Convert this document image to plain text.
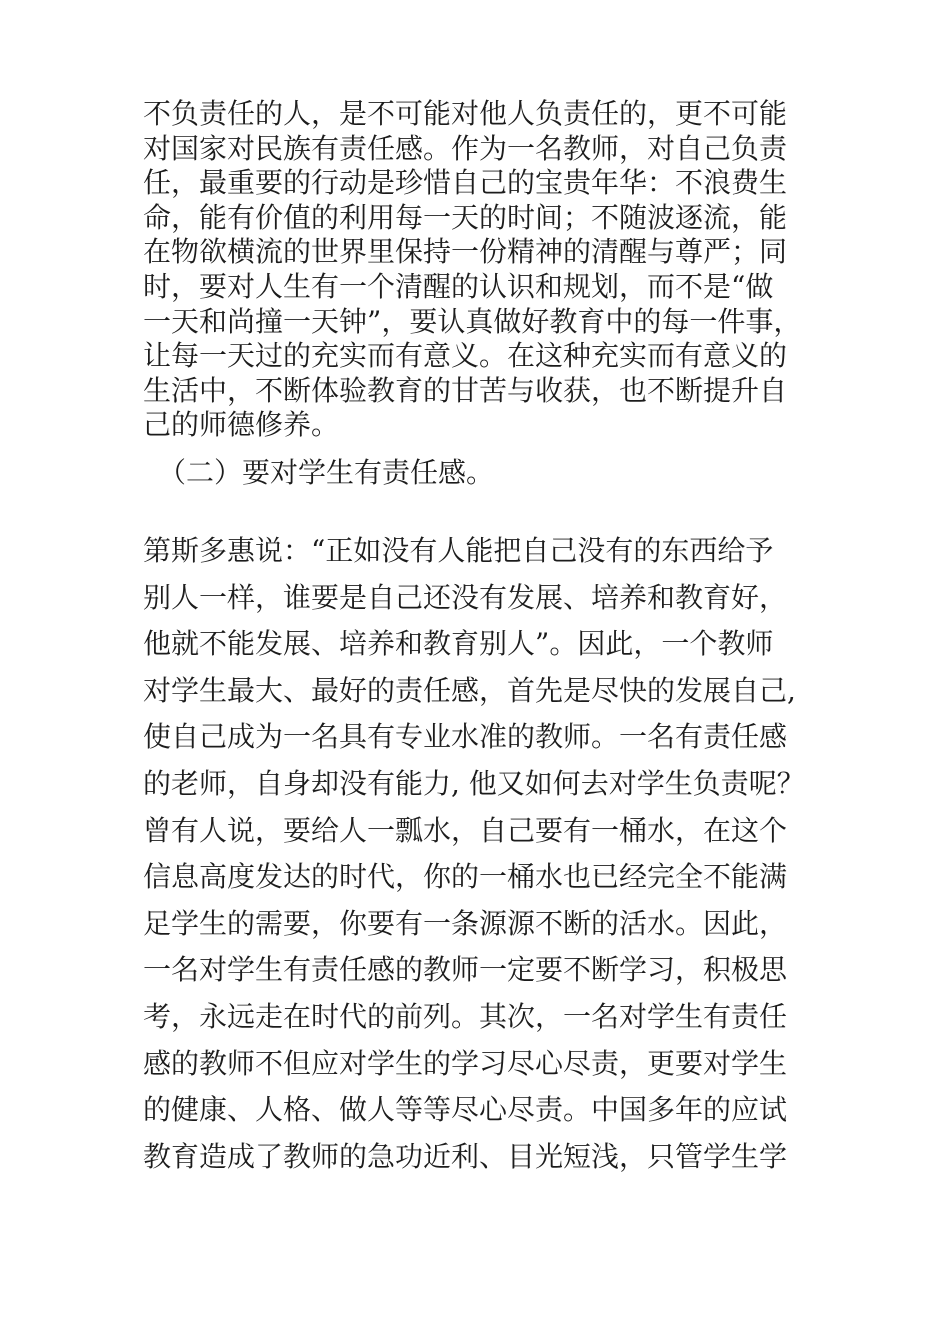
不负责任的人，是不可能对他人负责任的，更不可能
对国家对民族有责任感。作为一名教师，对自己负责
任，最重要的行动是珍惜自己的宝贵年华：不浪费生
命，能有价值的利用每一天的时间；不随波逐流，能
在物欲横流的世界里保持一份精神的清醒与尊严；同
时，要对人生有一个清醒的认识和规划，而不是“做
一天和尚撞一天钟”，要认真做好教育中的每一件事，
让每一天过的充实而有意义。在这种充实而有意义的
生活中，不断体验教育的甘苦与收获，也不断提升自
己的师德修养。
（二）要对学生有责任感。
第斯多惠说：“正如没有人能把自己没有的东西给予
别人一样，谁要是自己还没有发展、培养和教育好，
他就不能发展、培养和教育别人”。因此，一个教师
对学生最大、最好的责任感，首先是尽快的发展自己,
使自己成为一名具有专业水准的教师。一名有责任感
的老师，自身却没有能力, 他又如何去对学生负责呢？
曾有人说，要给人一瓢水，自己要有一桶水，在这个
信息高度发达的时代，你的一桶水也已经完全不能满
足学生的需要，你要有一条源源不断的活水。因此，
一名对学生有责任感的教师一定要不断学习，积极思
考，永远走在时代的前列。其次，一名对学生有责任
感的教师不但应对学生的学习尽心尽责，更要对学生
的健康、人格、做人等等尽心尽责。中国多年的应试
教育造成了教师的急功近利、目光短浅，只管学生学
